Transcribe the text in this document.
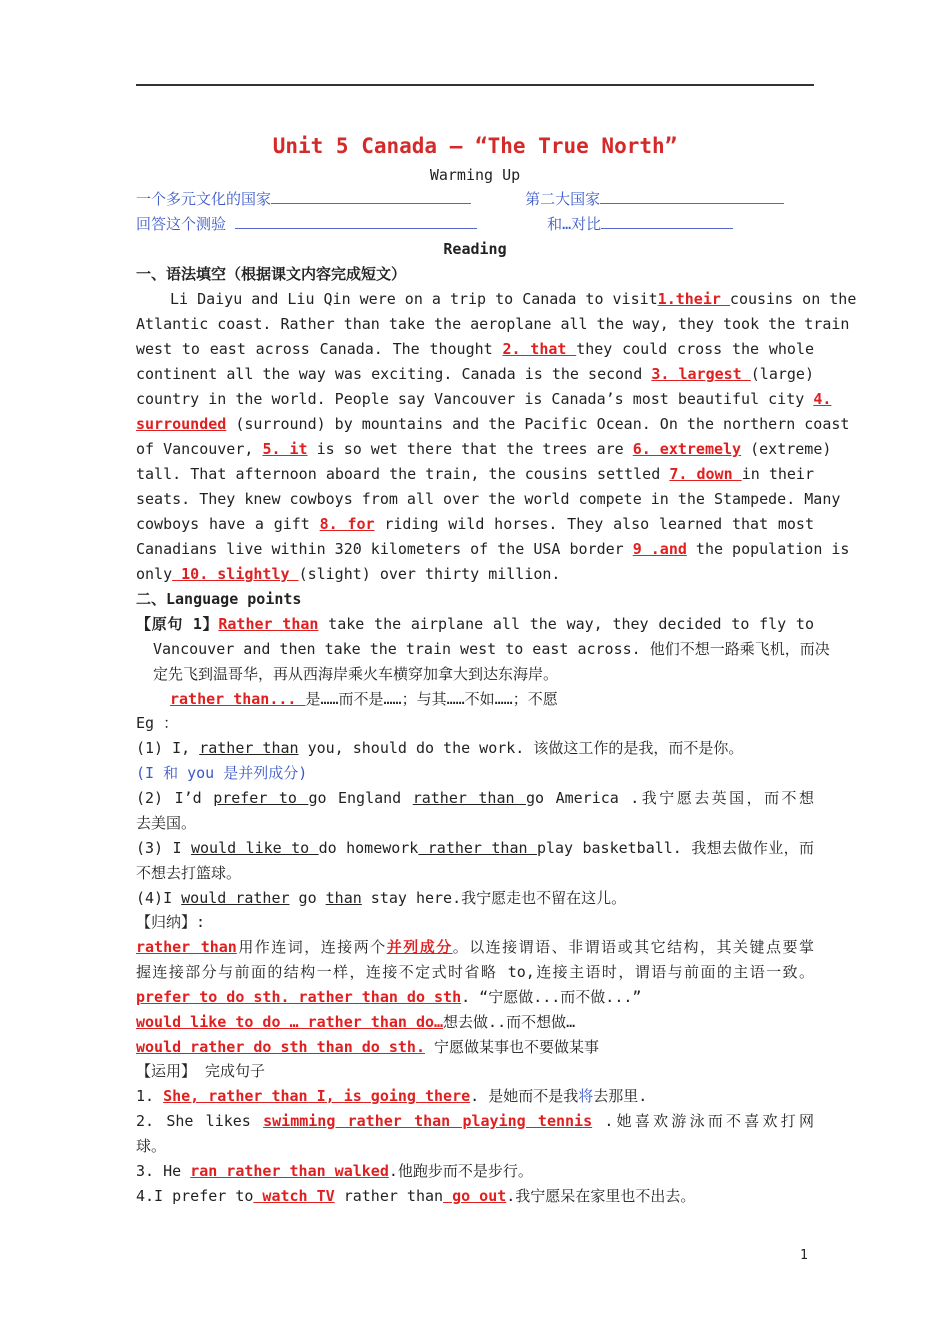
Unit 5 Canada — “The True North”
Warming Up
一个多元文化的国家	第二大国家
回答这个测验	和…对比
Reading
一、语法填空（根据课文内容完成短文）
Li Daiyu and Liu Qin were on a trip to Canada to visit1.their cousins on the
Atlantic coast. Rather than take the aeroplane all the way, they took the train
west to east across Canada. The thought 2. that they could cross the whole
continent all the way was exciting. Canada is the second 3. largest (large)
country in the world. People say Vancouver is Canada’s most beautiful city 4.
surrounded (surround) by mountains and the Pacific Ocean. On the northern coast
of Vancouver, 5. it is so wet there that the trees are 6. extremely (extreme)
tall. That afternoon aboard the train, the cousins settled 7. down in their
seats. They knew cowboys from all over the world compete in the Stampede. Many
cowboys have a gift 8. for riding wild horses. They also learned that most
Canadians live within 320 kilometers of the USA border 9 .and the population is
only 10. slightly (slight) over thirty million.
二、Language points
【原句 1】Rather than take the airplane all the way, they decided to fly to
Vancouver and then take the train west to east across. 他们不想一路乘飞机，而决
定先飞到温哥华，再从西海岸乘火车横穿加拿大到达东海岸。
rather than... 是……而不是……；与其……不如……；不愿
Eg ：
(1) I, rather than you, should do the work. 该做这工作的是我，而不是你。
(I 和 you 是并列成分)
(2) I’d prefer to go England rather than go America .我宁愿去英国，而不想
去美国。
(3) I would like to do homework rather than play basketball. 我想去做作业，而
不想去打篮球。
(4)I would rather go than stay here.我宁愿走也不留在这儿。
【归纳】:
rather than用作连词，连接两个并列成分。以连接谓语、非谓语或其它结构，其关键点要掌
握连接部分与前面的结构一样，连接不定式时省略 to,连接主语时，谓语与前面的主语一致。
prefer to do sth. rather than do sth. “宁愿做...而不做...”
would like to do … rather than do…想去做..而不想做…
would rather do sth than do sth. 宁愿做某事也不要做某事
【运用】 完成句子
1. She, rather than I, is going there. 是她而不是我将去那里.
2. She likes swimming rather than playing tennis .她喜欢游泳而不喜欢打网
球。
3. He ran rather than walked.他跑步而不是步行。
4.I prefer to watch TV rather than go out.我宁愿呆在家里也不出去。
1
